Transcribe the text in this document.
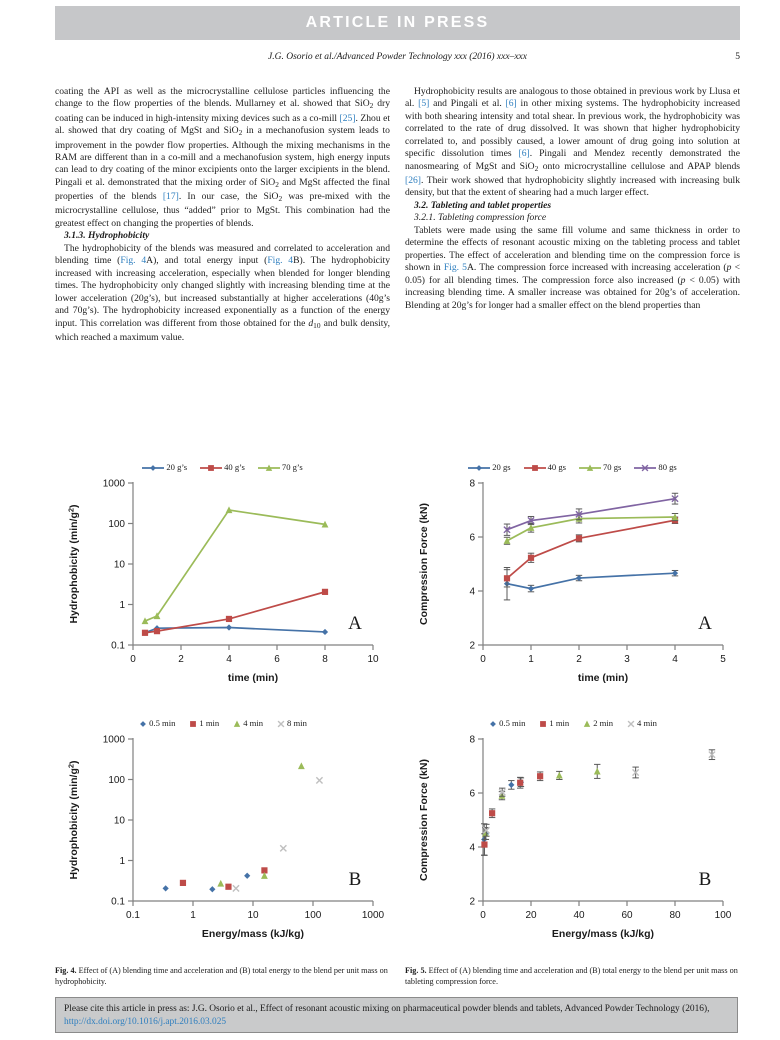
ARTICLE IN PRESS
J.G. Osorio et al./Advanced Powder Technology xxx (2016) xxx–xxx	5

coating the API as well as the microcrystalline cellulose particles influencing the change to the flow properties of the blends. Mullarney et al. showed that SiO$_2$ dry coating can be induced in high-intensity mixing devices such as a co-mill [25]. Zhou et al. showed that dry coating of MgSt and SiO$_2$ in a mechanofusion system leads to improvement in the powder flow properties. Although the mixing mechanisms in the RAM are different than in a co-mill and a mechanofusion system, high energy inputs can lead to dry coating of the minor excipients onto the larger excipients in the blend. Pingali et al. demonstrated that the mixing order of SiO$_2$ and MgSt affected the final properties of the blends [17]. In our case, the SiO$_2$ was pre-mixed with the microcrystalline cellulose, thus “added” prior to MgSt. This combination had the greatest effect on changing the properties of blends.

3.1.3. Hydrophobicity

The hydrophobicity of the blends was measured and correlated to acceleration and blending time (Fig. 4A), and total energy input (Fig. 4B). The hydrophobicity increased with increasing acceleration, especially when blended for longer blending times. The hydrophobicity only changed slightly with increasing blending time at the lower acceleration (20g’s), but increased substantially at higher accelerations (40g’s and 70g’s). The hydrophobicity increased exponentially as a function of the energy input. This correlation was different from those obtained for the $d_{10}$ and bulk density, which reached a maximum value.

Hydrophobicity results are analogous to those obtained in previous work by Llusa et al. [5] and Pingali et al. [6] in other mixing systems. The hydrophobicity increased with both shearing intensity and total shear. In previous work, the hydrophobicity was correlated to the rate of drug dissolved. It was shown that higher hydrophobicity correlated to, and possibly caused, a lower amount of drug going into solution at specific dissolution times [6]. Pingali and Mendez recently demonstrated the nanosmearing of MgSt and SiO$_2$ onto microcrystalline cellulose and APAP blends [26]. Their work showed that hydrophobicity slightly increased with increasing bulk density, but that the extent of shearing had a much larger effect.

3.2. Tableting and tablet properties

3.2.1. Tableting compression force

Tablets were made using the same fill volume and same thickness in order to determine the effects of resonant acoustic mixing on the tableting process and tablet properties. The effect of acceleration and blending time on the compression force is shown in Fig. 5A. The compression force increased with increasing acceleration (p < 0.05) for all blending times. The compression force also increased (p < 0.05) with increasing blending time. A smaller increase was obtained for 20g’s of acceleration. Blending at 20g’s for longer had a smaller effect on the blend properties than

20 g’s	40 g’s	70 g’s
0.1
1
10
100
1000
0	2	4	6	8	10
time (min)
Hydrophobicity $(\min/g^2)$
A
20 gs	40 gs	70 gs	80 gs
2
4
6
8
0	1	2	3	4	5
time (min)
Compression Force (kN)	A
0.5 min	1 min	4 min	8 min
0.1
1
10
100
1000
0.1	1	10	100	1000
Energy/mass (kJ/kg)
Hydrophobicity $(\min/g^2)$
B
0.5 min	1 min	2 min	4 min
2
4
6
8
0	20	40	60	80	100
Energy/mass (kJ/kg)
Compression Force (kN)	B
Fig. 4. Effect of (A) blending time and acceleration and (B) total energy to the blend per unit mass on hydrophobicity.
Fig. 5. Effect of (A) blending time and acceleration and (B) total energy to the blend per unit mass on tableting compression force.
Please cite this article in press as: J.G. Osorio et al., Effect of resonant acoustic mixing on pharmaceutical powder blends and tablets, Advanced Powder Technology (2016), http://dx.doi.org/10.1016/j.apt.2016.03.025
